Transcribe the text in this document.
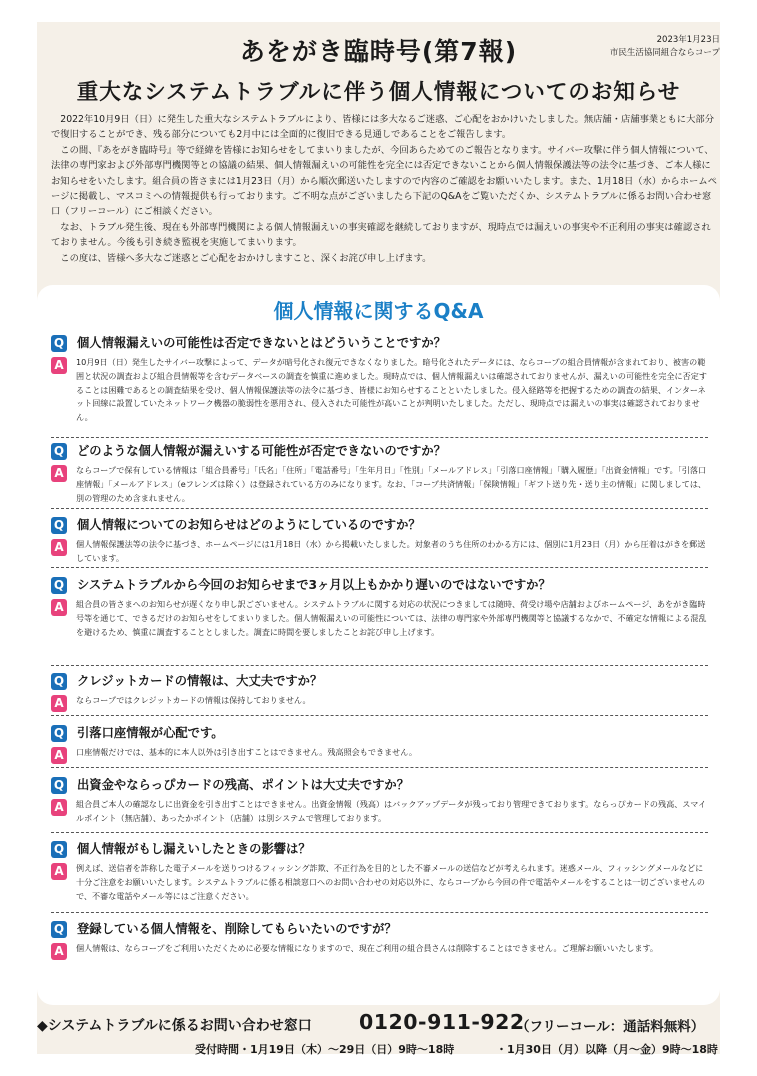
あをがき臨時号(第7報)	2023年1月23日
市民生活協同組合ならコープ
重大なシステムトラブルに伴う個人情報についてのお知らせ

2022年10月9日（日）に発生した重大なシステムトラブルにより、皆様には多大なるご迷惑、ご心配をおかけいたしました。無店舗・店舗事業ともに大部分で復旧することができ、残る部分についても2月中には全面的に復旧できる見通しであることをご報告します。

この間、『あをがき臨時号』等で経緯を皆様にお知らせをしてまいりましたが、今回あらためてのご報告となります。サイバー攻撃に伴う個人情報について、法律の専門家および外部専門機関等との協議の結果、個人情報漏えいの可能性を完全には否定できないことから個人情報保護法等の法令に基づき、ご本人様にお知らせをいたします。組合員の皆さまには1月23日（月）から順次郵送いたしますので内容のご確認をお願いいたします。また、1月18日（水）からホームページに掲載し、マスコミへの情報提供も行っております。ご不明な点がございましたら下記のQ&Aをご覧いただくか、システムトラブルに係るお問い合わせ窓口（フリーコール）にご相談ください。

なお、トラブル発生後、現在も外部専門機関による個人情報漏えいの事実確認を継続しておりますが、現時点では漏えいの事実や不正利用の事実は確認されておりません。今後も引き続き監視を実施してまいります。

この度は、皆様へ多大なご迷惑とご心配をおかけしますこと、深くお詫び申し上げます。

個人情報に関するQ&A
Q 個人情報漏えいの可能性は否定できないとはどういうことですか？
A	10月9日（日）発生したサイバー攻撃によって、データが暗号化され復元できなくなりました。暗号化されたデータには、ならコープの組合員情報が含まれており、被害の範囲と状況の調査および組合員情報等を含むデータベースの調査を慎重に進めました。現時点では、個人情報漏えいは確認されておりませんが、漏えいの可能性を完全に否定することは困難であるとの調査結果を受け、個人情報保護法等の法令に基づき、皆様にお知らせすることといたしました。侵入経路等を把握するための調査の結果、インターネット回線に設置していたネットワーク機器の脆弱性を悪用され、侵入された可能性が高いことが判明いたしました。ただし、現時点では漏えいの事実は確認されておりません。
Q どのような個人情報が漏えいする可能性が否定できないのですか？
A	ならコープで保有している情報は「組合員番号」「氏名」「住所」「電話番号」「生年月日」「性別」「メールアドレス」「引落口座情報」「購入履歴」「出資金情報」です。「引落口座情報」「メールアドレス」（eフレンズは除く）は登録されている方のみになります。なお、「コープ共済情報」「保険情報」「ギフト送り先・送り主の情報」に関しましては、別の管理のため含まれません。
Q 個人情報についてのお知らせはどのようにしているのですか？
A	個人情報保護法等の法令に基づき、ホームページには1月18日（水）から掲載いたしました。対象者のうち住所のわかる方には、個別に1月23日（月）から圧着はがきを郵送しています。
Q システムトラブルから今回のお知らせまで3ヶ月以上もかかり遅いのではないですか？
A	組合員の皆さまへのお知らせが遅くなり申し訳ございません。システムトラブルに関する対応の状況につきましては随時、荷受け場や店舗およびホームページ、あをがき臨時号等を通じて、できるだけのお知らせをしてまいりました。個人情報漏えいの可能性については、法律の専門家や外部専門機関等と協議するなかで、不確定な情報による混乱を避けるため、慎重に調査することとしました。調査に時間を要しましたことお詫び申し上げます。
Q クレジットカードの情報は、大丈夫ですか？
A	ならコープではクレジットカードの情報は保持しておりません。
Q 引落口座情報が心配です。
A	口座情報だけでは、基本的に本人以外は引き出すことはできません。残高照会もできません。
Q 出資金やならっぴカードの残高、ポイントは大丈夫ですか？
A	組合員ご本人の確認なしに出資金を引き出すことはできません。出資金情報（残高）はバックアップデータが残っており管理できております。ならっぴカードの残高、スマイルポイント（無店舗）、あったかポイント（店舗）は別システムで管理しております。
Q 個人情報がもし漏えいしたときの影響は？
A	例えば、送信者を詐称した電子メールを送りつけるフィッシング詐欺、不正行為を目的とした不審メールの送信などが考えられます。迷惑メール、フィッシングメールなどに十分ご注意をお願いいたします。システムトラブルに係る相談窓口へのお問い合わせの対応以外に、ならコープから今回の件で電話やメールをすることは一切ございませんので、不審な電話やメール等にはご注意ください。
Q 登録している個人情報を、削除してもらいたいのですが？
A	個人情報は、ならコープをご利用いただくために必要な情報になりますので、現在ご利用の組合員さんは削除することはできません。ご理解お願いいたします。
◆システムトラブルに係るお問い合わせ窓口 0120-911-922
（フリーコール：通話料無料）
受付時間・1月19日（木）〜29日（日）9時〜18時	・1月30日（月）以降（月〜金）9時〜18時
